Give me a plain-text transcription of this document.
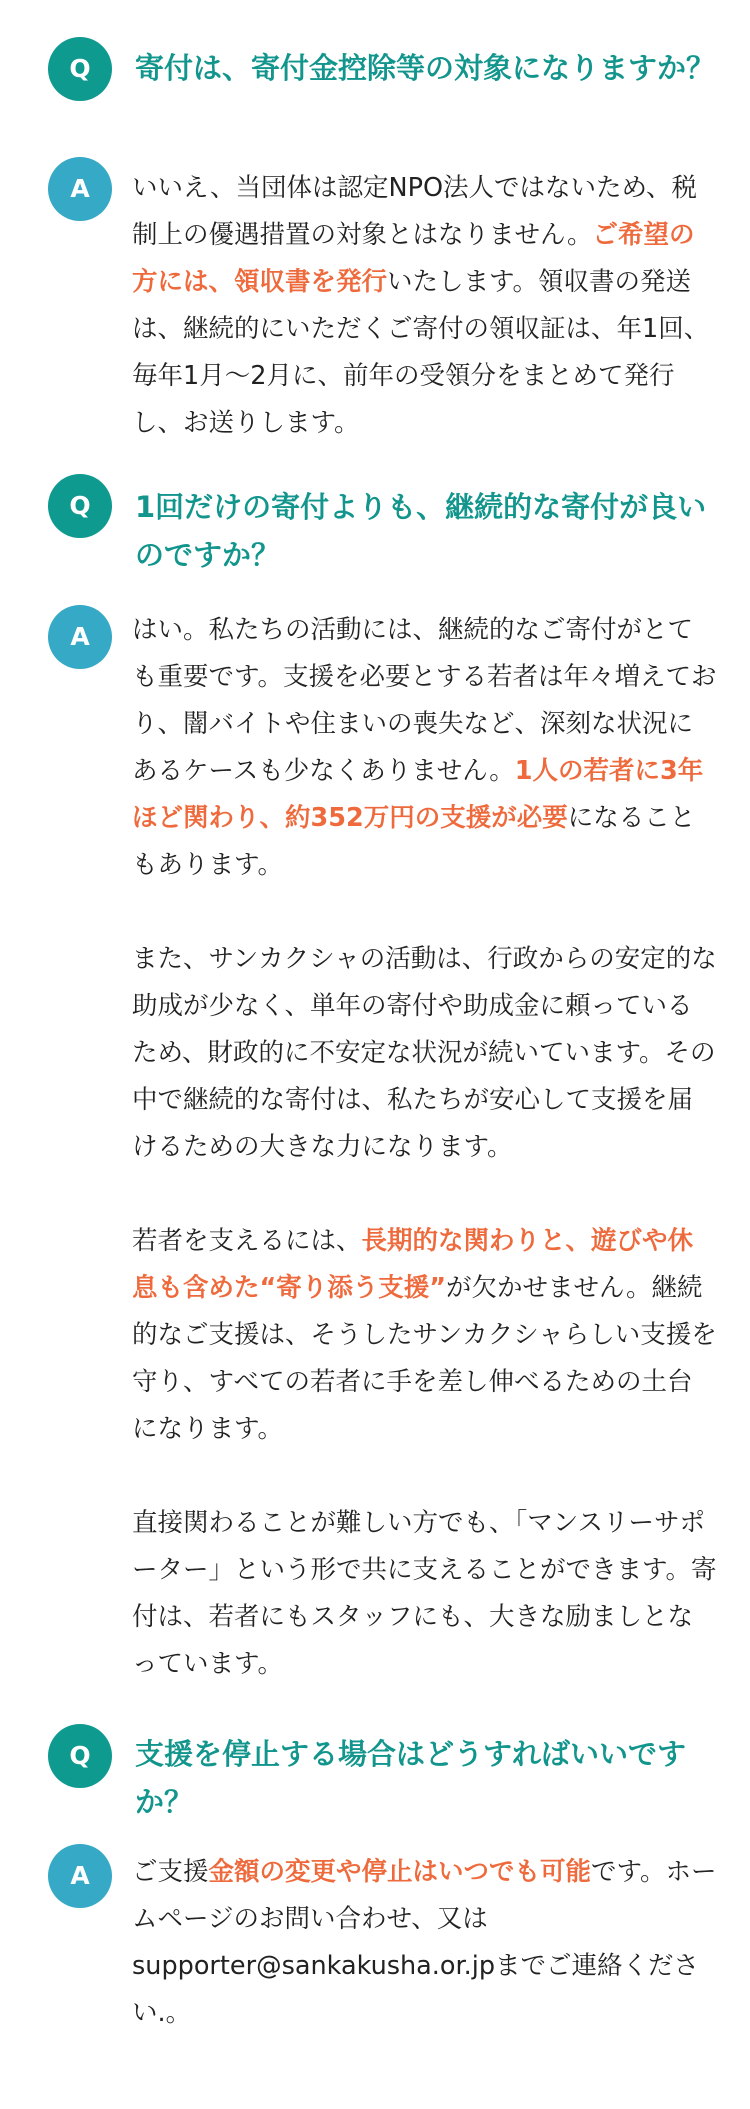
Q	寄付は、寄付金控除等の対象になりますか？
A	いいえ、当団体は認定NPO法人ではないため、税制上の優遇措置の対象とはなりません。ご希望の方には、領収書を発行いたします。領収書の発送は、継続的にいただくご寄付の領収証は、年1回、毎年1月～2月に、前年の受領分をまとめて発行し、お送りします。

Q	1回だけの寄付よりも、継続的な寄付が良いのですか？
A	はい。私たちの活動には、継続的なご寄付がとても重要です。支援を必要とする若者は年々増えており、闇バイトや住まいの喪失など、深刻な状況にあるケースも少なくありません。1人の若者に3年ほど関わり、約352万円の支援が必要になることもあります。

また、サンカクシャの活動は、行政からの安定的な助成が少なく、単年の寄付や助成金に頼っているため、財政的に不安定な状況が続いています。その中で継続的な寄付は、私たちが安心して支援を届けるための大きな力になります。

若者を支えるには、長期的な関わりと、遊びや休息も含めた“寄り添う支援”が欠かせません。継続的なご支援は、そうしたサンカクシャらしい支援を守り、すべての若者に手を差し伸べるための土台になります。

直接関わることが難しい方でも、「マンスリーサポーター」という形で共に支えることができます。寄付は、若者にもスタッフにも、大きな励ましとなっています。

Q	支援を停止する場合はどうすればいいですか？
A	ご支援金額の変更や停止はいつでも可能です。ホームページのお問い合わせ、又はsupporter@sankakusha.or.jpまでご連絡ください.。
